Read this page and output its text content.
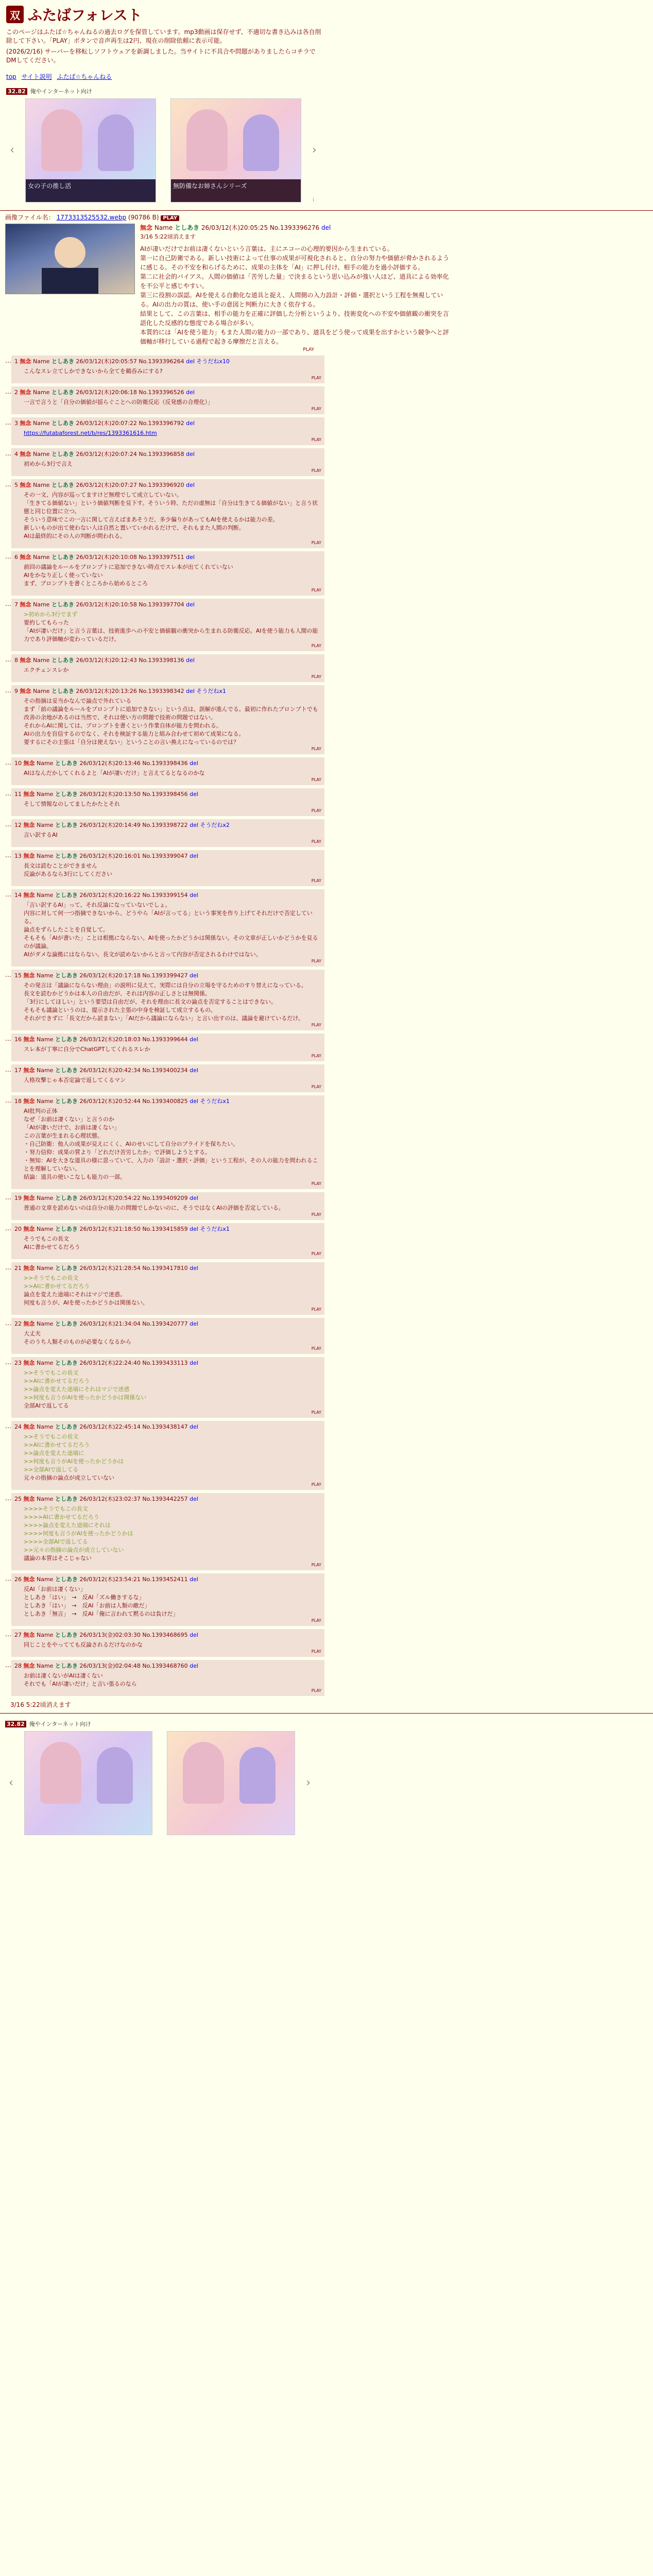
双 ふたばフォレスト

このページはふたば☆ちゃんねるの過去ログを保管しています。mp3動画は保存せず、不適切な書き込みは各自削除して下さい。「PLAY」ボタンで音声再生は2円、現在の削除依頼に表示可能。

(2026/2/16) サーバーを移転しソフトウェアを新調しました。当サイトに不具合や問題がありましたらコチラでDMしてください。

top サイト説明 ふたば☆ちゃんねる
32.82 俺やインターネット向け
‹
女の子の推し活	無防備なお姉さんシリーズ
›
i
画像ファイル名： 1773313525532.webp (90786 B) PLAY
無念 Name としあき 26/03/12(木)20:05:25 No.1393396276 del
3/16 5:22頃消えます

AIが凄いだけでお前は凄くないという言葉は、主にエコーの心理的要因から生まれている。

第一に自己防衛である。新しい技術によって仕事の成果が可視化されると、自分の努力や価値が脅かされるように感じる。その不安を和らげるために、成果の主体を「AI」に押し付け、相手の能力を過小評価する。

第二に社会的バイアス。人間の価値は「苦労した量」で決まるという思い込みが強い人ほど、道具による効率化を不公平と感じやすい。

第三に役割の誤認。AIを使える自動化な道具と捉え、人間側の入力設計・評価・選択という工程を無視している。AIの出力の質は、使い手の意図と判断力に大きく依存する。

結果として、この言葉は、相手の能力を正確に評価した分析というより、技術変化への不安や価値観の衝突を言語化した反感的な態度である場合が多い。

本質的には「AIを使う能力」もまた人間の能力の一部であり、道具をどう使って成果を出すかという競争へと評価軸が移行している過程で起きる摩擦だと言える。

PLAY
… 1 無念 Name としあき 26/03/12(木)20:05:57 No.1393396264 del そうだねx10
こんなスレ立てしかできないから全てを鵜呑みにする?
PLAY
… 2 無念 Name としあき 26/03/12(木)20:06:18 No.1393396526 del
一言で言うと「自分の価値が揺らぐことへの防衛反応（反発感の合理化）」
PLAY
… 3 無念 Name としあき 26/03/12(木)20:07:22 No.1393396792 del
https://futabaforest.net/b/res/1393361616.htm
PLAY
… 4 無念 Name としあき 26/03/12(木)20:07:24 No.1393396858 del
初めから3行で言え
PLAY
… 5 無念 Name としあき 26/03/12(木)20:07:27 No.1393396920 del
その一文、内容が巡ってますけど無理でして成立していない。
「生きてる価値ない」という価値判断を見下す。そういう時、ただの虚無は「自分は生きてる価値がない」と言う状態と同じ位置に立つ。
そういう意味でこの一言に関して言えばまあそうだ、多少偏りがあってもAIを使えるかは能力の差。
新しいものが出て使わない人は自然と置いていかれるだけで、それもまた人間の判断。
AIは最終的にその人の判断が問われる。
PLAY
… 6 無念 Name としあき 26/03/12(木)20:10:08 No.1393397511 del
前回の議論をルールをプロンプトに追加できない時点でスレ本が出てくれていない
AIをかなり正しく使っていない
まず、プロンプトを書くところから始めるところ
PLAY
… 7 無念 Name としあき 26/03/12(木)20:10:58 No.1393397704 del
>初めから3行でまず
要約してもらった
「AIが凄いだけ」と言う言葉は、技術進歩への不安と価値観の衝突から生まれる防衛反応。AIを使う能力も人間の能力であり評価軸が変わっているだけ。
PLAY
… 8 無念 Name としあき 26/03/12(木)20:12:43 No.1393398136 del
エクチェンスレか
PLAY
… 9 無念 Name としあき 26/03/12(木)20:13:26 No.1393398342 del そうだねx1
その指摘は妥当かなんで論点で外れている
まず「前の議論をルールをプロンプトに追加できない」という点は、誤解が進んでる。最初に作れたプロンプトでも改善の余地があるのは当然で、それは使い方の問題で技術の問題ではない。
それからAIに関しては、プロンプトを書くという作業自体が能力を問われる。
AIの出力を盲信するのでなく、それを検証する能力と組み合わせて初めて成果になる。
要するにその主張は「自分は使えない」ということの言い換えになっているのでは？
PLAY
… 10 無念 Name としあき 26/03/12(木)20:13:46 No.1393398436 del
AIはなんだかしてくれるよと「AIが凄いだけ」と言えてるとなるのかな
PLAY
… 11 無念 Name としあき 26/03/12(木)20:13:50 No.1393398456 del
そして情報なのしてましたかたとそれ
PLAY
… 12 無念 Name としあき 26/03/12(木)20:14:49 No.1393398722 del そうだねx2
言い訳するAI
PLAY
… 13 無念 Name としあき 26/03/12(木)20:16:01 No.1393399047 del
長文は読むことができません
反論があるなら3行にしてください
PLAY
… 14 無念 Name としあき 26/03/12(木)20:16:22 No.1393399154 del
「言い訳するAI」って、それ反論になっていないでしょ。
内容に対して何一つ指摘できないから、どうやら「AIが言ってる」という事実を作り上げてそれだけで否定している。
論点をずらしたことを自覚して。
そもそも「AIが書いた」ことは根拠にならない。AIを使ったかどうかは関係ない。その文章が正しいかどうかを見るのが議論。
AIがダメな論拠にはならない。長文が読めないからと言って内容が否定されるわけではない。
PLAY
… 15 無念 Name としあき 26/03/12(木)20:17:18 No.1393399427 del
その発言は「議論にならない理由」の説明に見えて、実際には自分の立場を守るためのすり替えになっている。
長文を読むかどうかは本人の自由だが、それは内容の正しさとは無関係。
「3行にしてほしい」という要望は自由だが、それを理由に長文の論点を否定することはできない。
そもそも議論というのは、提示された主張の中身を検証して成立するもの。
それができずに「長文だから読まない」「AIだから議論にならない」と言い出すのは、議論を避けているだけ。
PLAY
… 16 無念 Name としあき 26/03/12(木)20:18:03 No.1393399644 del
スレ本が丁寧に自分でChatGPTしてくれるスレか
PLAY
… 17 無念 Name としあき 26/03/12(木)20:42:34 No.1393400234 del
人格攻撃じゃ本否定論で返してくるマン
PLAY
… 18 無念 Name としあき 26/03/12(木)20:52:44 No.1393400825 del そうだねx1
AI批判の正体
なぜ「お前は凄くない」と言うのか
「AIが凄いだけで、お前は凄くない」
この言葉が生まれる心理状態。
・自己防衛：他人の成果が見えにくく、AIのせいにして自分のプライドを保ちたい。
・努力信仰：成果の質より「どれだけ苦労したか」で評価しようとする。
・無知：AIを大きな道具の様に思っていて、入力の「設計・選択・評価」という工程が、その人の能力を問われることを理解していない。
結論：道具の使いこなしも能力の一部。
PLAY
… 19 無念 Name としあき 26/03/12(木)20:54:22 No.1393409209 del
普通の文章を読めないのは自分の能力の問題でしかないのに、そうではなくAIの評価を否定している。
PLAY
… 20 無念 Name としあき 26/03/12(木)21:18:50 No.1393415859 del そうだねx1
そうでもこの長文
AIに書かせてるだろう
PLAY
… 21 無念 Name としあき 26/03/12(木)21:28:54 No.1393417810 del
>>そうでもこの長文
>>AIに書かせてるだろう
論点を変えた途端にそれはマジで迷惑。
何度も言うが、AIを使ったかどうかは関係ない。
PLAY
… 22 無念 Name としあき 26/03/12(木)21:34:04 No.1393420777 del
大丈夫
そのうち人類そのものが必要なくなるから
PLAY
… 23 無念 Name としあき 26/03/12(木)22:24:40 No.1393433113 del
>>そうでもこの長文
>>AIに書かせてるだろう
>>論点を変えた途端にそれはマジで迷惑
>>何度も言うがAIを使ったかどうかは関係ない
全部AIで返してる
PLAY
… 24 無念 Name としあき 26/03/12(木)22:45:14 No.1393438147 del
>>そうでもこの長文
>>AIに書かせてるだろう
>>論点を変えた途端に
>>何度も言うがAIを使ったかどうかは
>>全部AIで返してる
元々の指摘の論点が成立していない
PLAY
… 25 無念 Name としあき 26/03/12(木)23:02:37 No.1393442257 del
>>>>そうでもこの長文
>>>>AIに書かせてるだろう
>>>>論点を変えた途端にそれは
>>>>何度も言うがAIを使ったかどうかは
>>>>全部AIで返してる
>>元々の指摘の論点が成立していない
議論の本質はそこじゃない
PLAY
… 26 無念 Name としあき 26/03/12(木)23:54:21 No.1393452411 del
反AI「お前は凄くない」
としあき「はい」　→　反AI「ズル働きするな」
としあき「はい」　→　反AI「お前は人類の敵だ」
としあき「無言」　→　反AI「俺に言われて黙るのは負けだ」
PLAY
… 27 無念 Name としあき 26/03/13(金)02:03:30 No.1393468695 del
同じことをやってても反論されるだけなのかな
PLAY
… 28 無念 Name としあき 26/03/13(金)02:04:48 No.1393468760 del
お前は凄くないがAIは凄くない
それでも「AIが凄いだけ」と言い張るのなら
PLAY
3/16 5:22頃消えます
32.82 俺やインターネット向け
‹	›
